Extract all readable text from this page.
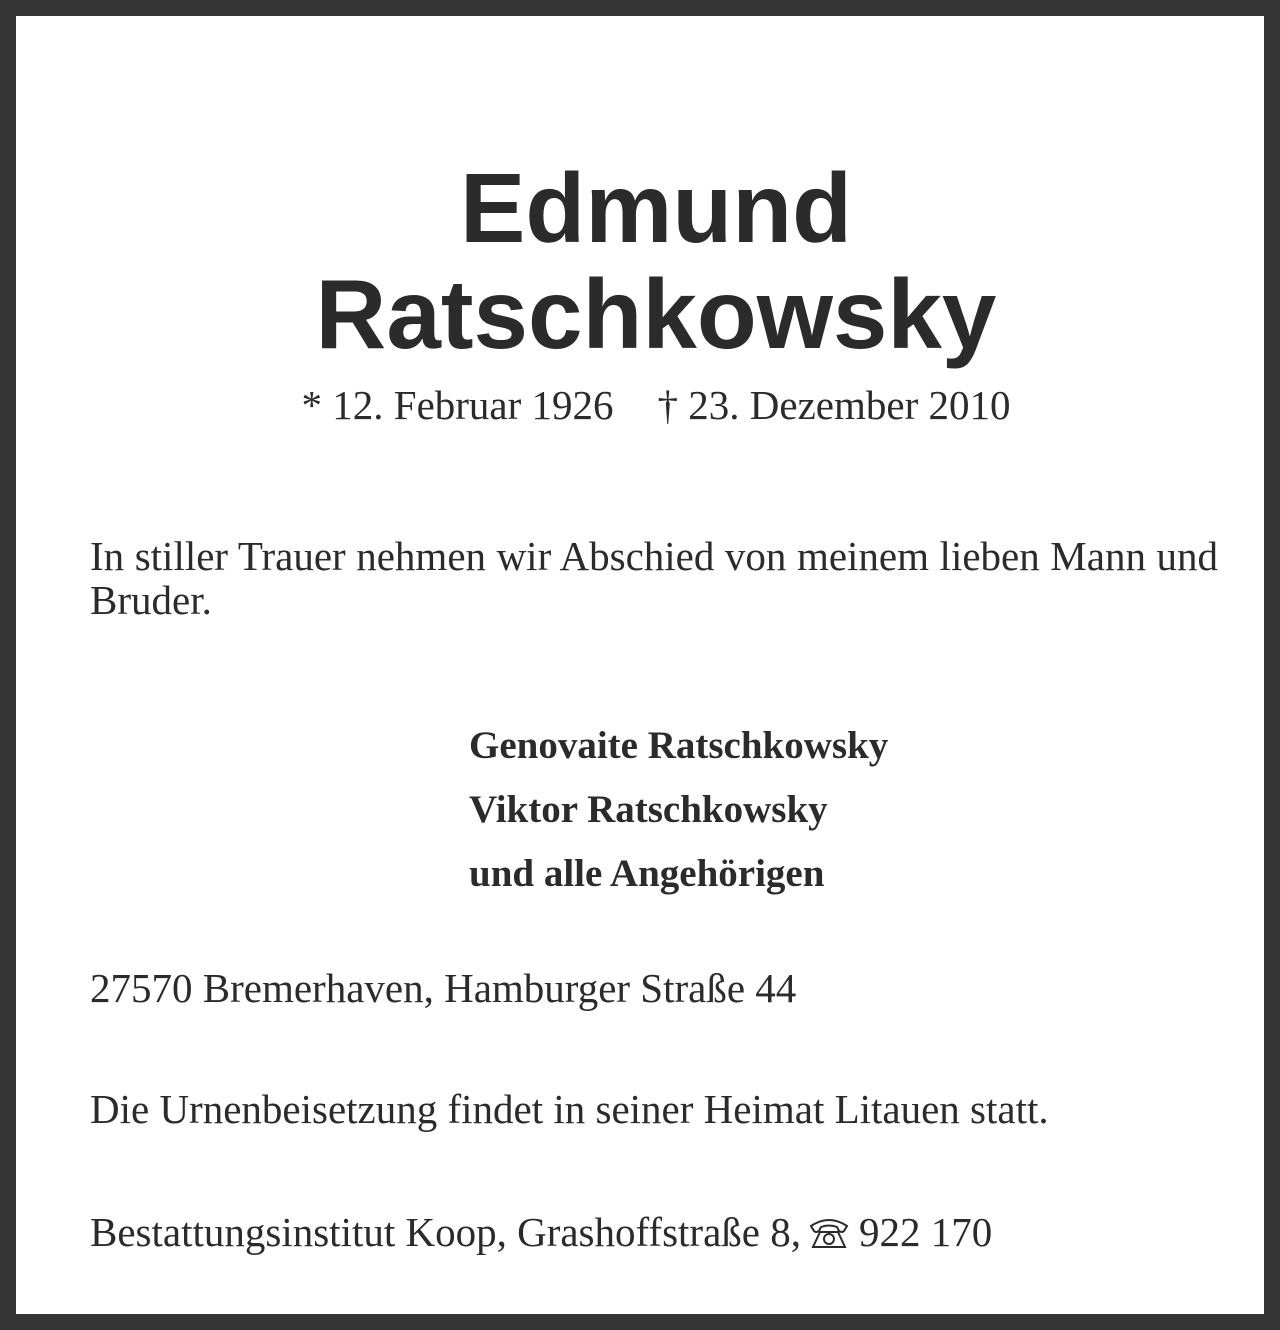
Edmund
Ratschkowsky
* 12. Februar 1926 † 23. Dezember 2010
In stiller Trauer nehmen wir Abschied von meinem lieben Mann und Bruder.
Genovaite Ratschkowsky
Viktor Ratschkowsky
und alle Angehörigen
27570 Bremerhaven, Hamburger Straße 44
Die Urnenbeisetzung findet in seiner Heimat Litauen statt.
Bestattungsinstitut Koop, Grashoffstraße 8, 922 170
